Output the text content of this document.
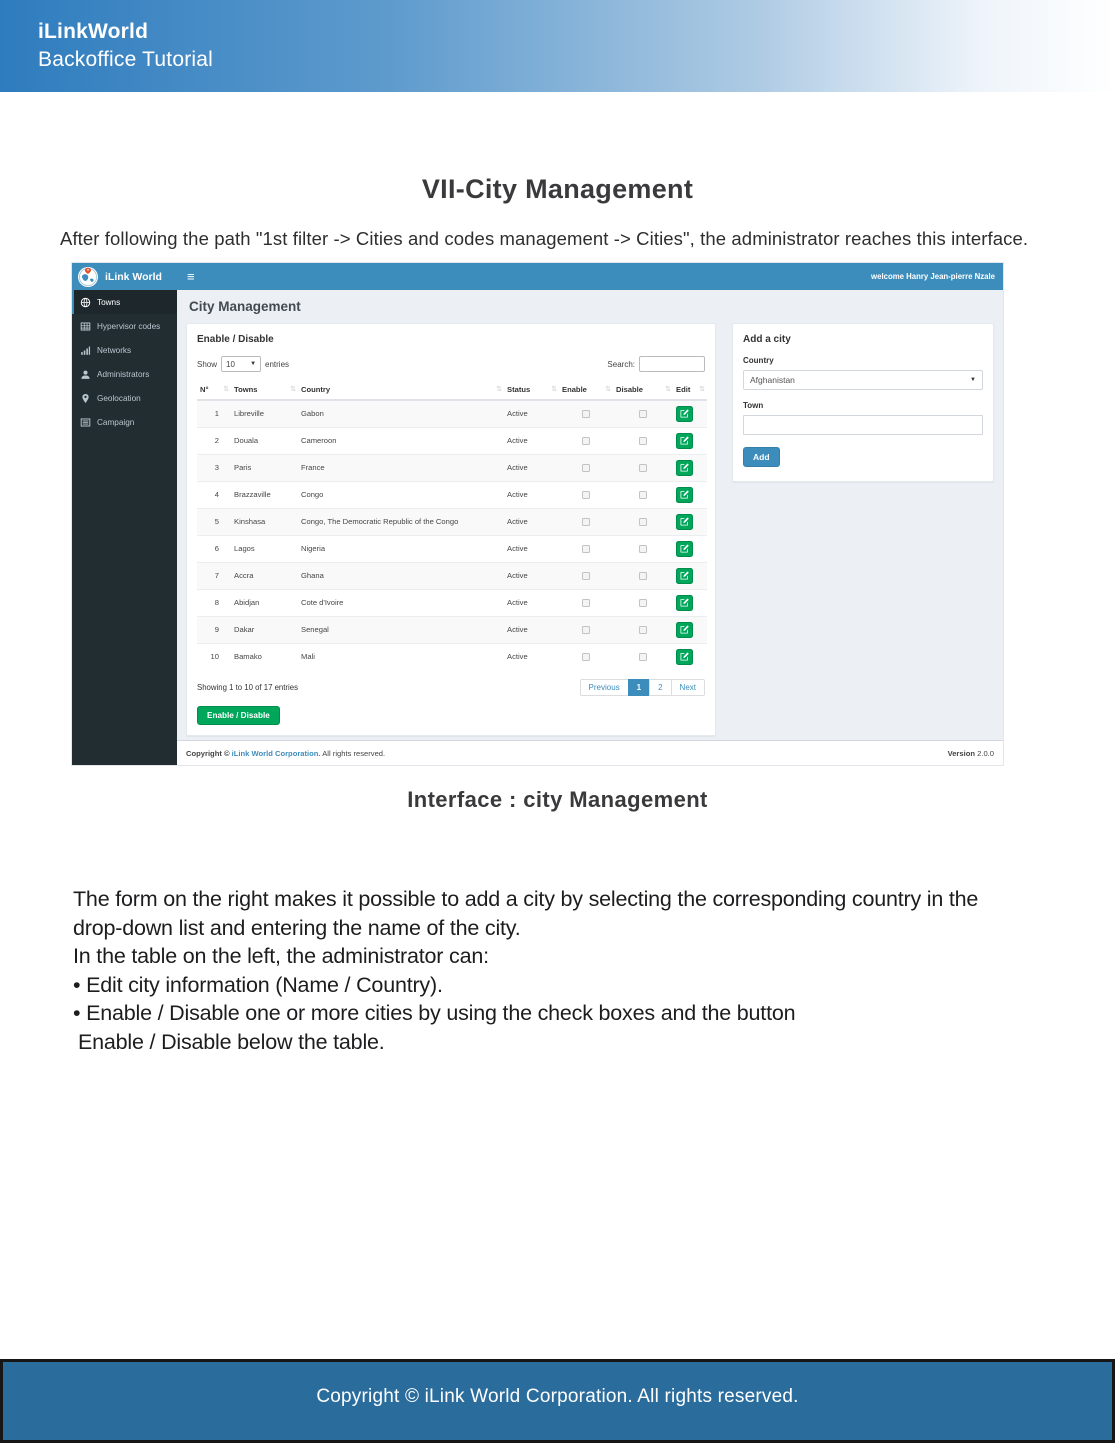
iLinkWorld
Backoffice Tutorial
VII-City Management
After following the path "1st filter -> Cities and codes management -> Cities", the administrator reaches this interface.
iLink World ≡	welcome Hanry Jean-pierre Nzale
Towns
Hypervisor codes
Networks
Administrators
Geolocation
Campaign
City Management
Enable / Disable
Show 10	▼ entries	Search:
N° ⇅	Towns ⇅	Country ⇅	Status ⇅	Enable ⇅	Disable ⇅	Edit ⇅

1	Libreville	Gabon	Active			

2	Douala	Cameroon	Active			

3	Paris	France	Active			

4	Brazzaville	Congo	Active			

5	Kinshasa	Congo, The Democratic Republic of the Congo	Active			

6	Lagos	Nigeria	Active			

7	Accra	Ghana	Active			

8	Abidjan	Cote d'Ivoire	Active			

9	Dakar	Senegal	Active			

10	Bamako	Mali	Active			
Showing 1 to 10 of 17 entries	Previous	1	2	Next
Enable / Disable
Add a city
Country
Afghanistan	▼
Town

Add
Copyright © iLink World Corporation. All rights reserved.	Version 2.0.0
Interface : city Management
The form on the right makes it possible to add a city by selecting the corresponding country in the
drop-down list and entering the name of the city.
In the table on the left, the administrator can:
• Edit city information (Name / Country).
• Enable / Disable one or more cities by using the check boxes and the button
Enable / Disable below the table.
Copyright © iLink World Corporation. All rights reserved.
